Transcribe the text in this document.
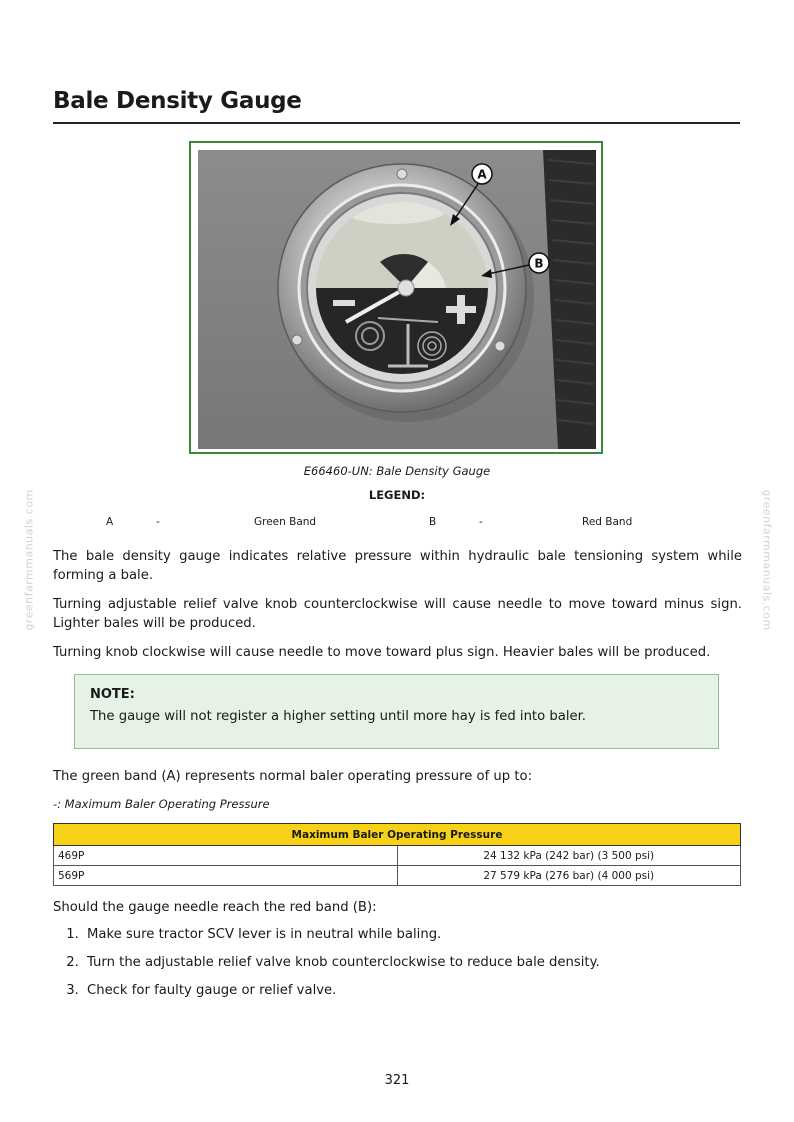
greenfarmmanuals.com	greenfarmmanuals.com
Bale Density Gauge
A
B
E66460-UN: Bale Density Gauge
LEGEND:
A	-	Green Band	B	-	Red Band

The bale density gauge indicates relative pressure within hydraulic bale tensioning system while forming a bale.

Turning adjustable relief valve knob counterclockwise will cause needle to move toward minus sign. Lighter bales will be produced.

Turning knob clockwise will cause needle to move toward plus sign. Heavier bales will be produced.

NOTE:
The gauge will not register a higher setting until more hay is fed into baler.

The green band (A) represents normal baler operating pressure of up to:

-: Maximum Baler Operating Pressure
Maximum Baler Operating Pressure	
469P	24 132 kPa (242 bar) (3 500 psi)
569P	27 579 kPa (276 bar) (4 000 psi)

Should the gauge needle reach the red band (B):

1. Make sure tractor SCV lever is in neutral while baling.
2. Turn the adjustable relief valve knob counterclockwise to reduce bale density.
3. Check for faulty gauge or relief valve.
321
